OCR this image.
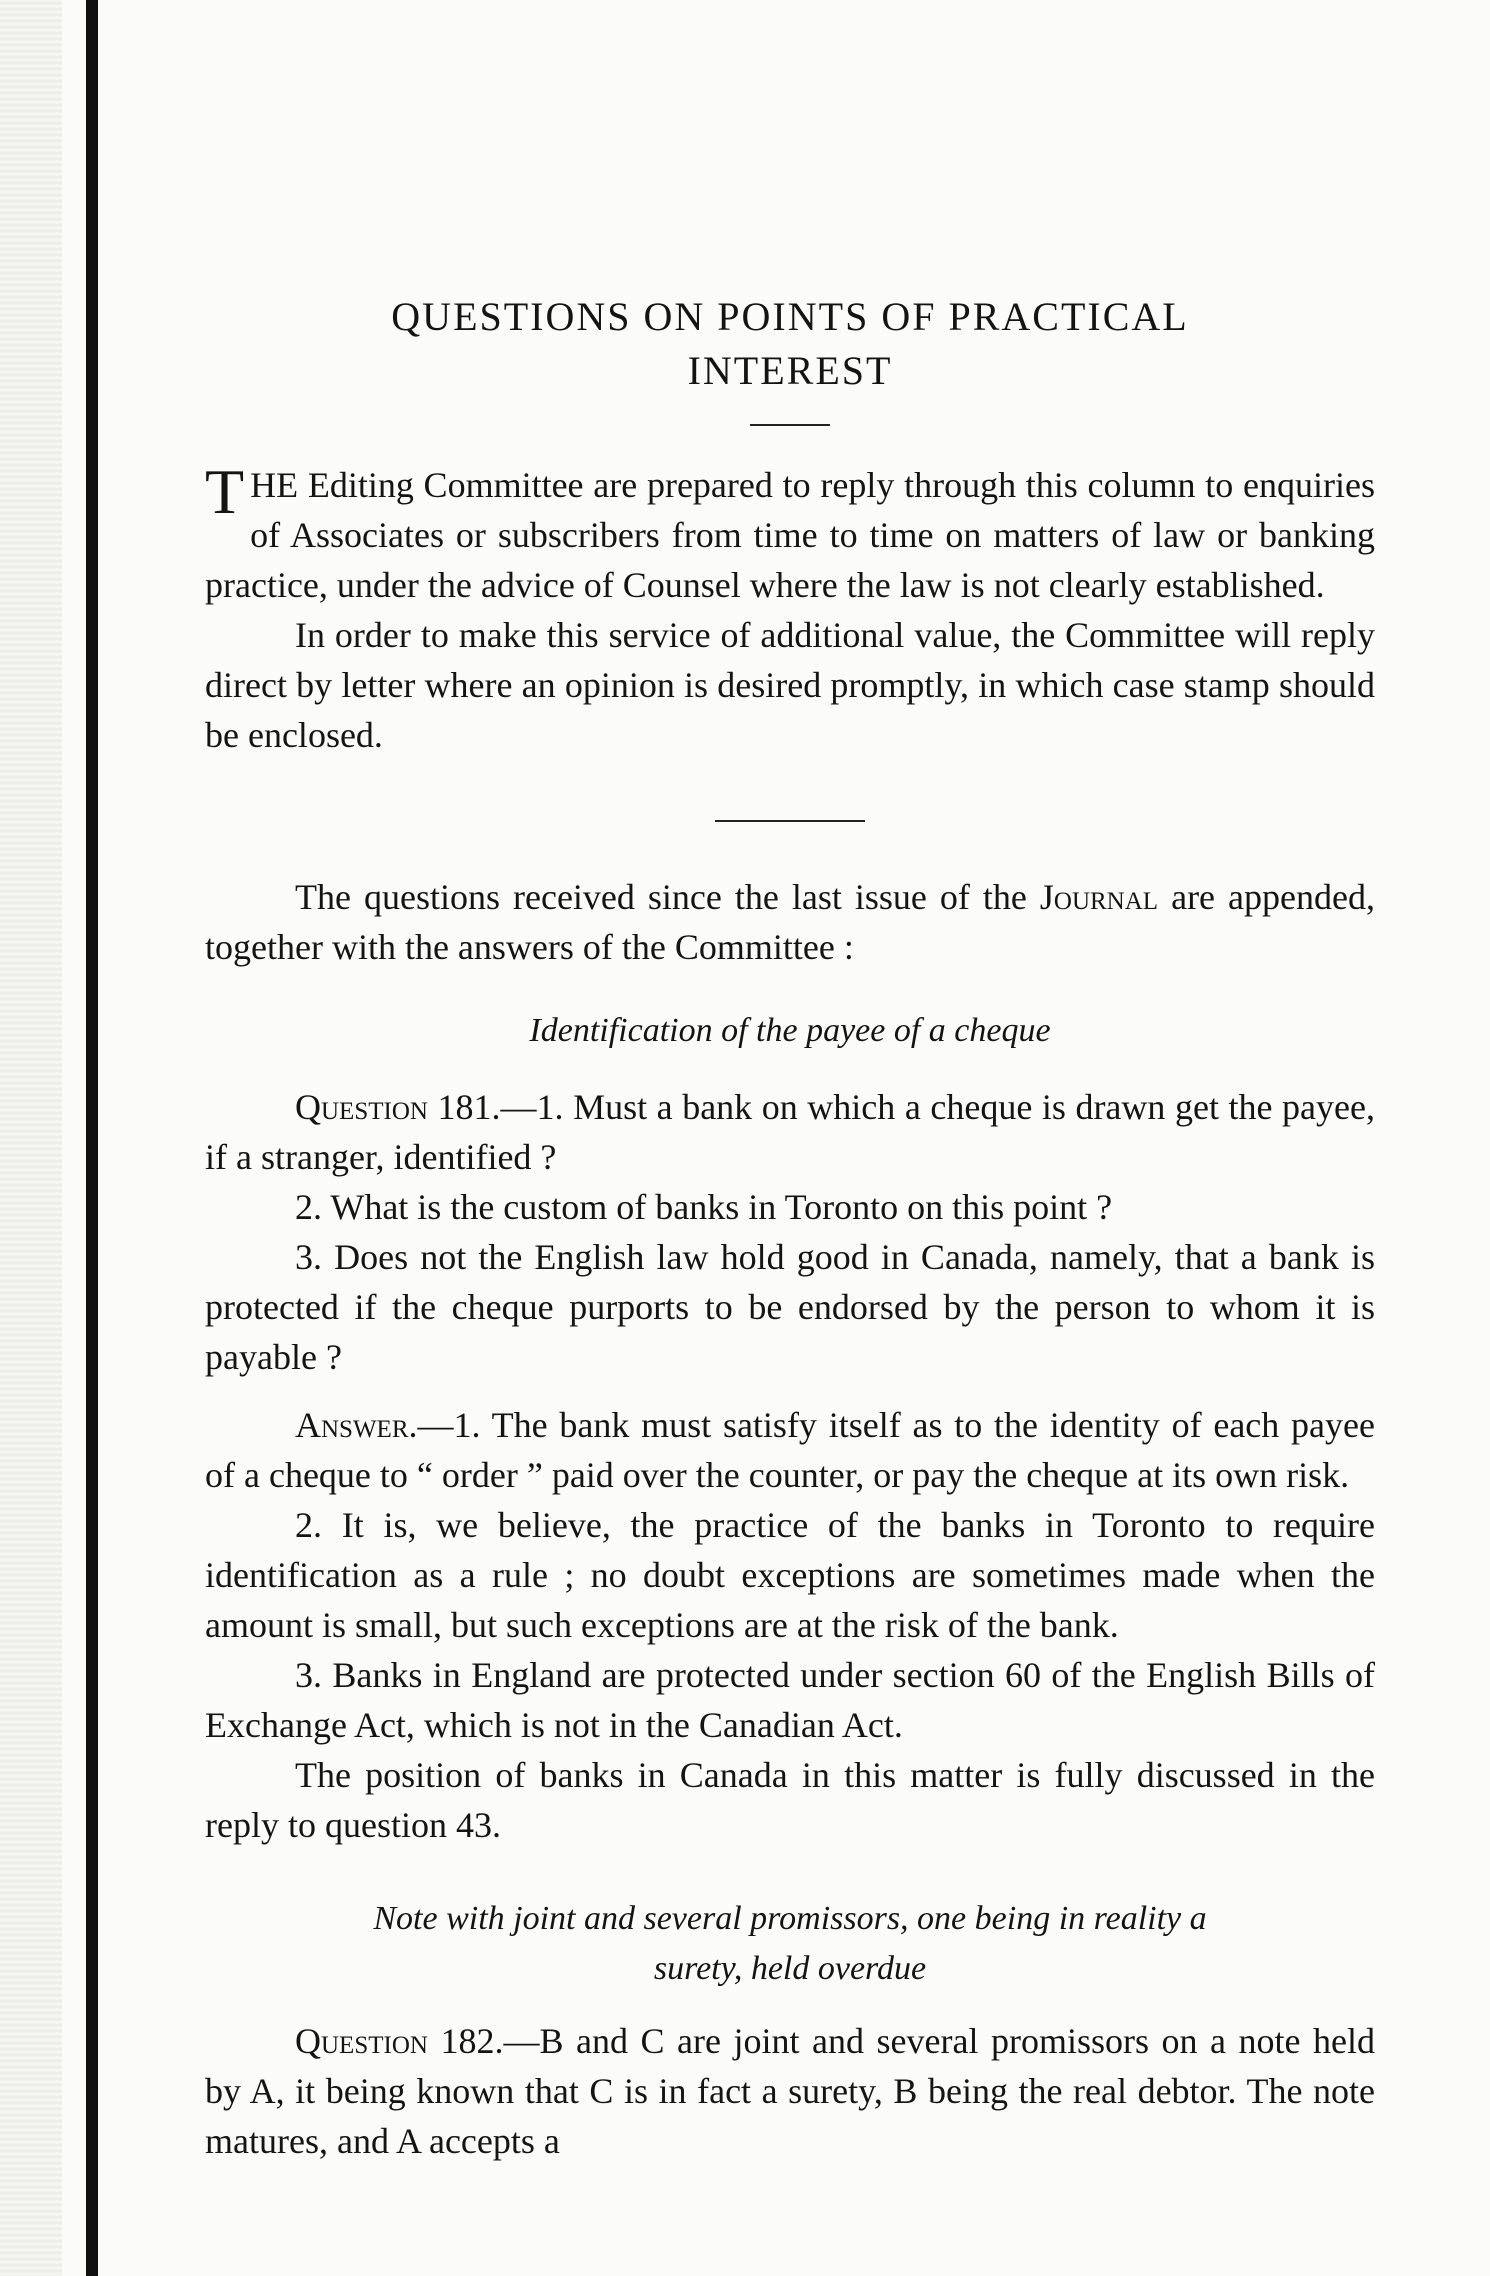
QUESTIONS ON POINTS OF PRACTICAL
INTEREST

THE Editing Committee are prepared to reply through this column to enquiries of Associates or subscribers from time to time on matters of law or banking practice, under the advice of Counsel where the law is not clearly established.

In order to make this service of additional value, the Committee will reply direct by letter where an opinion is desired promptly, in which case stamp should be enclosed.

The questions received since the last issue of the Journal are appended, together with the answers of the Committee :

Identification of the payee of a cheque

Question 181.—1. Must a bank on which a cheque is drawn get the payee, if a stranger, identified ?

2. What is the custom of banks in Toronto on this point ?

3. Does not the English law hold good in Canada, namely, that a bank is protected if the cheque purports to be endorsed by the person to whom it is payable ?

Answer.—1. The bank must satisfy itself as to the identity of each payee of a cheque to “ order ” paid over the counter, or pay the cheque at its own risk.

2. It is, we believe, the practice of the banks in Toronto to require identification as a rule ; no doubt exceptions are sometimes made when the amount is small, but such exceptions are at the risk of the bank.

3. Banks in England are protected under section 60 of the English Bills of Exchange Act, which is not in the Canadian Act.

The position of banks in Canada in this matter is fully discussed in the reply to question 43.

Note with joint and several promissors, one being in reality a
surety, held overdue

Question 182.—B and C are joint and several promissors on a note held by A, it being known that C is in fact a surety, B being the real debtor. The note matures, and A accepts a
